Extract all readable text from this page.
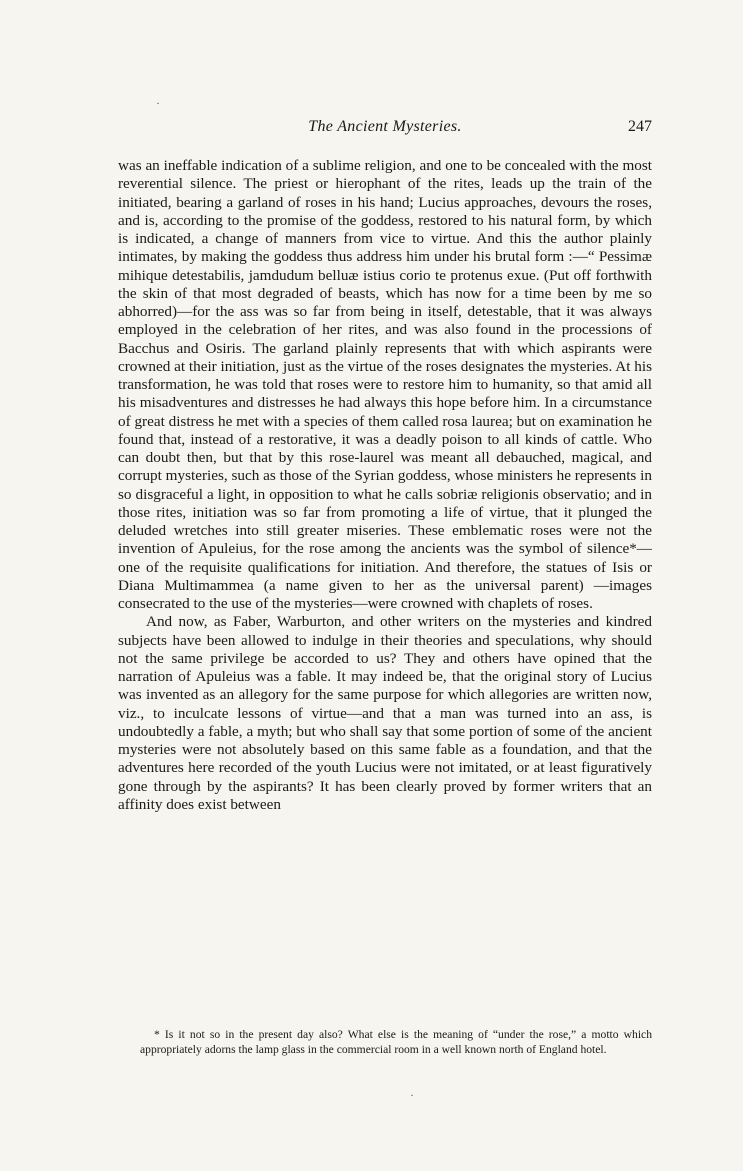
·
The Ancient Mysteries.	247

was an ineffable indication of a sublime religion, and one to be concealed with the most reverential silence. The priest or hierophant of the rites, leads up the train of the initiated, bearing a garland of roses in his hand; Lucius approaches, devours the roses, and is, according to the promise of the goddess, restored to his natural form, by which is indicated, a change of manners from vice to virtue. And this the author plainly intimates, by making the goddess thus address him under his brutal form :—“ Pessimæ mihique detestabilis, jamdudum belluæ istius corio te protenus exue. (Put off forthwith the skin of that most degraded of beasts, which has now for a time been by me so abhorred)—for the ass was so far from being in itself, detestable, that it was always employed in the celebration of her rites, and was also found in the processions of Bacchus and Osiris. The garland plainly represents that with which aspirants were crowned at their initiation, just as the virtue of the roses designates the mysteries. At his transformation, he was told that roses were to restore him to humanity, so that amid all his misadventures and distresses he had always this hope before him. In a circumstance of great distress he met with a species of them called rosa laurea; but on examination he found that, instead of a restorative, it was a deadly poison to all kinds of cattle. Who can doubt then, but that by this rose-laurel was meant all debauched, magical, and corrupt mysteries, such as those of the Syrian goddess, whose ministers he represents in so disgraceful a light, in opposition to what he calls sobriæ religionis observatio; and in those rites, initiation was so far from promoting a life of virtue, that it plunged the deluded wretches into still greater miseries. These emblematic roses were not the invention of Apuleius, for the rose among the ancients was the symbol of silence*—one of the requisite qualifications for initiation. And therefore, the statues of Isis or Diana Multimammea (a name given to her as the universal parent) —images consecrated to the use of the mysteries—were crowned with chaplets of roses.

And now, as Faber, Warburton, and other writers on the mysteries and kindred subjects have been allowed to indulge in their theories and speculations, why should not the same privilege be accorded to us? They and others have opined that the narration of Apuleius was a fable. It may indeed be, that the original story of Lucius was invented as an allegory for the same purpose for which allegories are written now, viz., to inculcate lessons of virtue—and that a man was turned into an ass, is undoubtedly a fable, a myth; but who shall say that some portion of some of the ancient mysteries were not absolutely based on this same fable as a foundation, and that the adventures here recorded of the youth Lucius were not imitated, or at least figuratively gone through by the aspirants? It has been clearly proved by former writers that an affinity does exist between

* Is it not so in the present day also? What else is the meaning of “under the rose,” a motto which appropriately adorns the lamp glass in the commercial room in a well known north of England hotel.

·
